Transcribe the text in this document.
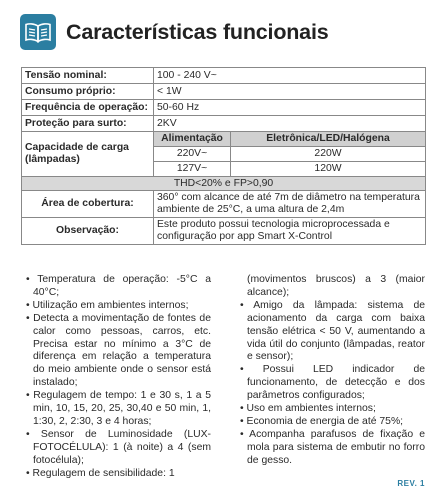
Características funcionais
Tensão nominal:	100 - 240 V~	
Consumo próprio:	< 1W	
Frequência de operação:	50-60 Hz	
Proteção para surto:	2KV	
Capacidade de carga (lâmpadas)	Alimentação	Eletrônica/LED/Halógena
	220V~	220W
	127V~	120W
THD<20% e FP>0,90		
Área de cobertura:	360° com alcance de até 7m de diâmetro na temperatura ambiente de 25°C, a uma altura de 2,4m	
Observação:	Este produto possui tecnologia microprocessada e configuração por app Smart X-Control	

• Temperatura de operação: -5°C a 40°C;

• Utilização em ambientes internos;

• Detecta a movimentação de fontes de calor como pessoas, carros, etc. Precisa estar no mínimo a 3°C de diferença em relação a temperatura do meio ambiente onde o sensor está instalado;

• Regulagem de tempo: 1 e 30 s, 1 a 5 min, 10, 15, 20, 25, 30,40 e 50 min, 1, 1:30, 2, 2:30, 3 e 4 horas;

• Sensor de Luminosidade (LUX-FOTOCÉLULA): 1 (à noite) a 4 (sem fotocélula);

• Regulagem de sensibilidade: 1

(movimentos bruscos) a 3 (maior alcance);

• Amigo da lâmpada: sistema de acionamento da carga com baixa tensão elétrica < 50 V, aumentando a vida útil do conjunto (lâmpadas, reator e sensor);

• Possui LED indicador de funcionamento, de detecção e dos parâmetros configurados;

• Uso em ambientes internos;

• Economia de energia de até 75%;

• Acompanha parafusos de fixação e mola para sistema de embutir no forro de gesso.

REV. 1
